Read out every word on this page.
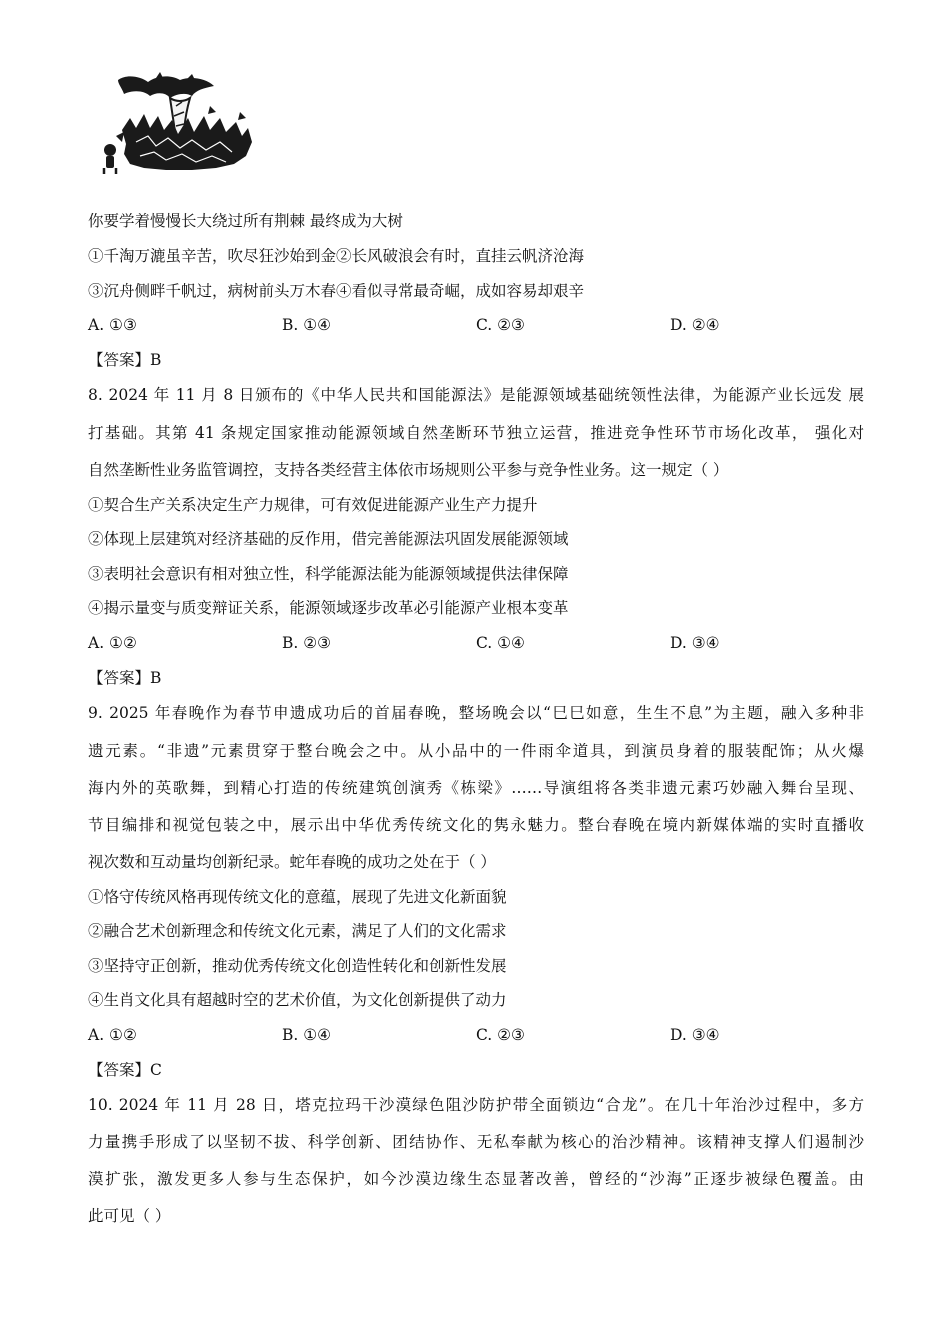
你要学着慢慢长大绕过所有荆棘 最终成为大树
①千淘万漉虽辛苦，吹尽狂沙始到金②长风破浪会有时，直挂云帆济沧海
③沉舟侧畔千帆过，病树前头万木春④看似寻常最奇崛，成如容易却艰辛
A. ①③	B. ①④	C. ②③	D. ②④
【答案】B
8. 2024 年 11 月 8 日颁布的《中华人民共和国能源法》是能源领域基础统领性法律，为能源产业长远发 展
打基础。其第 41 条规定国家推动能源领域自然垄断环节独立运营，推进竞争性环节市场化改革， 强化对
自然垄断性业务监管调控，支持各类经营主体依市场规则公平参与竞争性业务。这一规定（ ）
①契合生产关系决定生产力规律，可有效促进能源产业生产力提升
②体现上层建筑对经济基础的反作用，借完善能源法巩固发展能源领域
③表明社会意识有相对独立性，科学能源法能为能源领域提供法律保障
④揭示量变与质变辩证关系，能源领域逐步改革必引能源产业根本变革
A. ①②	B. ②③	C. ①④	D. ③④
【答案】B
9. 2025 年春晚作为春节申遗成功后的首届春晚，整场晚会以“巳巳如意，生生不息”为主题，融入多种非
遗元素。“非遗”元素贯穿于整台晚会之中。从小品中的一件雨伞道具，到演员身着的服装配饰；从火爆
海内外的英歌舞，到精心打造的传统建筑创演秀《栋梁》……导演组将各类非遗元素巧妙融入舞台呈现、
节目编排和视觉包装之中，展示出中华优秀传统文化的隽永魅力。整台春晚在境内新媒体端的实时直播收
视次数和互动量均创新纪录。蛇年春晚的成功之处在于（ ）
①恪守传统风格再现传统文化的意蕴，展现了先进文化新面貌
②融合艺术创新理念和传统文化元素，满足了人们的文化需求
③坚持守正创新，推动优秀传统文化创造性转化和创新性发展
④生肖文化具有超越时空的艺术价值，为文化创新提供了动力
A. ①②	B. ①④	C. ②③	D. ③④
【答案】C
10. 2024 年 11 月 28 日，塔克拉玛干沙漠绿色阻沙防护带全面锁边“合龙”。在几十年治沙过程中，多方
力量携手形成了以坚韧不拔、科学创新、团结协作、无私奉献为核心的治沙精神。该精神支撑人们遏制沙
漠扩张，激发更多人参与生态保护，如今沙漠边缘生态显著改善，曾经的“沙海”正逐步被绿色覆盖。由
此可见（ ）
